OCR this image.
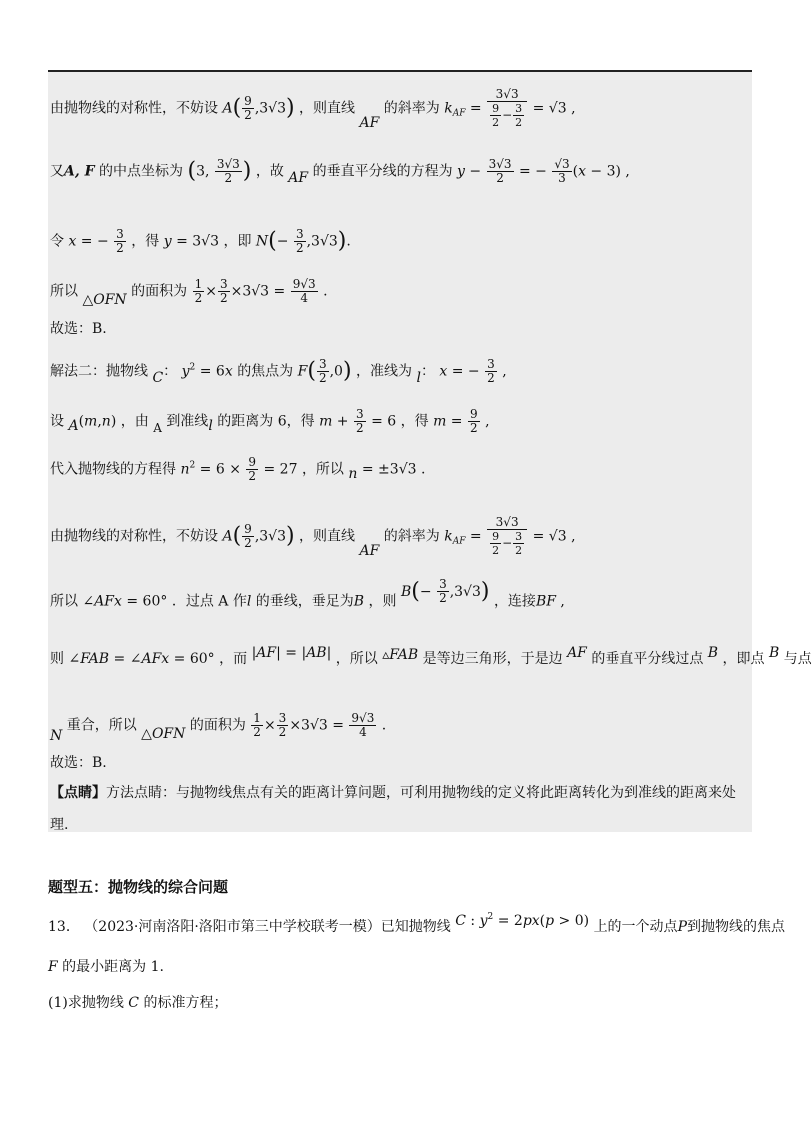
由抛物线的对称性，不妨设 $A( \frac{9}{2} ,3√3)$ ，则直线 AF 的斜率为 $k_{AF} = \frac{3√3}{\frac{9}{2} - \frac{3}{2}} = √3$ ,
又A, F 的中点坐标为 (3, $\frac{3√3}{2}$ ) ，故 AF 的垂直平分线的方程为 $y - \frac{3√3}{2}$ = − $\frac{√3}{3} (x - 3)$ ,
令 x = − $\frac{3}{2}$ ，得 y = 3√3 ，即 $N(- \frac{3}{2} ,3√3)$.
所以 △OFN 的面积为 $\frac{1}{2} \times \frac{3}{2} \times 3√3 = \frac{9√3}{4}$ .
故选：B.
解法二：抛物线 C： $y^2 = 6x$ 的焦点为 $F( \frac{3}{2} ,0)$ ，准线为 l： x = − $\frac{3}{2}$ ,
设 A(m,n) ，由 A 到准线l 的距离为 6，得 $m + \frac{3}{2} = 6$ ，得 $m = \frac{9}{2}$ ,
代入抛物线的方程得 $n^2 = 6 \times \frac{9}{2} = 27$ ，所以 n = ±3√3 .
由抛物线的对称性，不妨设 $A( \frac{9}{2} ,3√3)$ ，则直线 AF 的斜率为 $k_{AF} = \frac{3√3}{\frac{9}{2} - \frac{3}{2}} = √3$ ,
所以 ∠AFx = 60° ．过点 A 作l 的垂线，垂足为B ，则 $B(- \frac{3}{2} ,3√3)$ ，连接BF ,
则 ∠FAB = ∠AFx = 60° ，而 |AF| = |AB| ，所以 ▵FAB 是等边三角形，于是边 AF 的垂直平分线过点 B ，即点 B 与点
N 重合，所以 △OFN 的面积为 $\frac{1}{2} \times \frac{3}{2} \times 3√3 = \frac{9√3}{4}$ .
故选：B.
【点睛】方法点睛：与抛物线焦点有关的距离计算问题，可利用抛物线的定义将此距离转化为到准线的距离来处
理.
题型五：抛物线的综合问题
13． （2023·河南洛阳·洛阳市第三中学校联考一模）已知抛物线 C : $y^2 = 2px(p > 0)$ 上的一个动点P到抛物线的焦点
F 的最小距离为 1.
(1)求抛物线 C 的标准方程；
